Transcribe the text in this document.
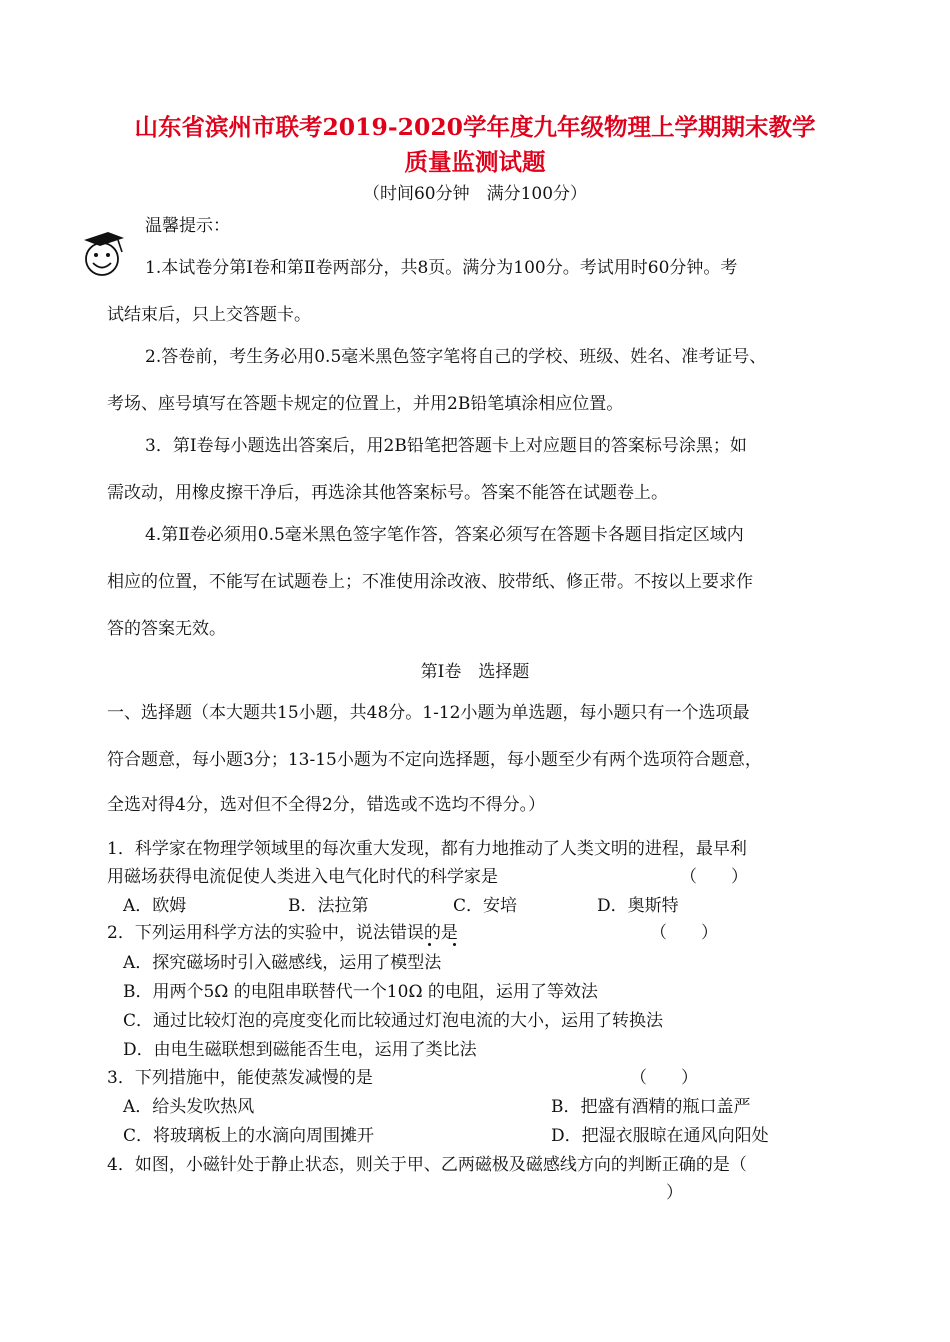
山东省滨州市联考2019-2020学年度九年级物理上学期期末教学
质量监测试题
（时间60分钟　满分100分）
温馨提示：
1.本试卷分第Ⅰ卷和第Ⅱ卷两部分，共8页。满分为100分。考试用时60分钟。考
试结束后，只上交答题卡。
2.答卷前，考生务必用0.5毫米黑色签字笔将自己的学校、班级、姓名、准考证号、
考场、座号填写在答题卡规定的位置上，并用2B铅笔填涂相应位置。
3．第Ⅰ卷每小题选出答案后，用2B铅笔把答题卡上对应题目的答案标号涂黑；如
需改动，用橡皮擦干净后，再选涂其他答案标号。答案不能答在试题卷上。
4.第Ⅱ卷必须用0.5毫米黑色签字笔作答，答案必须写在答题卡各题目指定区域内
相应的位置，不能写在试题卷上；不准使用涂改液、胶带纸、修正带。不按以上要求作
答的答案无效。
第Ⅰ卷　选择题
一、选择题（本大题共15小题，共48分。1-12小题为单选题，每小题只有一个选项最
符合题意，每小题3分；13-15小题为不定向选择题，每小题至少有两个选项符合题意，
全选对得4分，选对但不全得2分，错选或不选均不得分。）
1．科学家在物理学领域里的每次重大发现，都有力地推动了人类文明的进程，最早利
用磁场获得电流促使人类进入电气化时代的科学家是	（　　）
A．欧姆	B．法拉第	C．安培	D．奥斯特
2．下列运用科学方法的实验中，说法错误的是	（　　）
A．探究磁场时引入磁感线，运用了模型法
B．用两个5Ω 的电阻串联替代一个10Ω 的电阻，运用了等效法
C．通过比较灯泡的亮度变化而比较通过灯泡电流的大小，运用了转换法
D．由电生磁联想到磁能否生电，运用了类比法
3．下列措施中，能使蒸发减慢的是	（　　）
A．给头发吹热风	B．把盛有酒精的瓶口盖严
C．将玻璃板上的水滴向周围摊开	D．把湿衣服晾在通风向阳处
4．如图，小磁针处于静止状态，则关于甲、乙两磁极及磁感线方向的判断正确的是（
）
